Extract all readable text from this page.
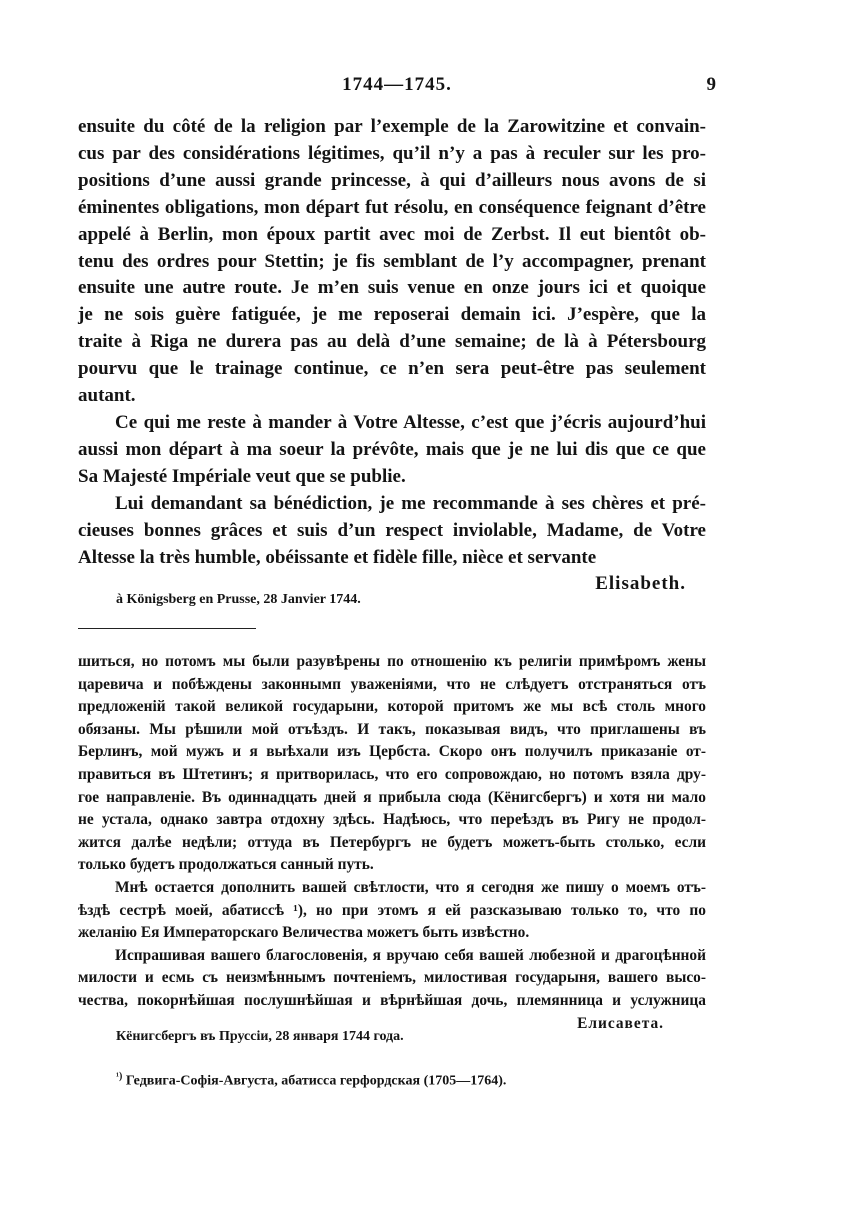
1744—1745.	9

ensuite du côté de la religion par l’exemple de la Zarowitzine et convain-
cus par des considérations légitimes, qu’il n’y a pas à reculer sur les pro-
positions d’une aussi grande princesse, à qui d’ailleurs nous avons de si
éminentes obligations, mon départ fut résolu, en conséquence feignant d’être
appelé à Berlin, mon époux partit avec moi de Zerbst. Il eut bientôt ob-
tenu des ordres pour Stettin; je fis semblant de l’y accompagner, prenant
ensuite une autre route. Je m’en suis venue en onze jours ici et quoique
je ne sois guère fatiguée, je me reposerai demain ici. J’espère, que la
traite à Riga ne durera pas au delà d’une semaine; de là à Pétersbourg
pourvu que le trainage continue, ce n’en sera peut-être pas seulement
autant.

Ce qui me reste à mander à Votre Altesse, c’est que j’écris aujourd’hui
aussi mon départ à ma soeur la prévôte, mais que je ne lui dis que ce que
Sa Majesté Impériale veut que se publie.

Lui demandant sa bénédiction, je me recommande à ses chères et pré-
cieuses bonnes grâces et suis d’un respect inviolable, Madame, de Votre
Altesse la très humble, obéissante et fidèle fille, nièce et servante

Elisabeth.
à Königsberg en Prusse, 28 Janvier 1744.
шиться, но потомъ мы были разувѣрены по отношенію къ религіи примѣромъ жены
царевича и побѣждены законнымп уваженіями, что не слѣдуетъ отстраняться отъ
предложеній такой великой государыни, которой притомъ же мы всѣ столь много
обязаны. Мы рѣшили мой отъѣздъ. И такъ, показывая видъ, что приглашены въ
Берлинъ, мой мужъ и я выѣхали изъ Цербста. Скоро онъ получилъ приказаніе от-
правиться въ Штетинъ; я притворилась, что его сопровождаю, но потомъ взяла дру-
гое направленіе. Въ одиннадцать дней я прибыла сюда (Кёнигсбергъ) и хотя ни мало
не устала, однако завтра отдохну здѣсь. Надѣюсь, что переѣздъ въ Ригу не продол-
жится далѣе недѣли; оттуда въ Петербургъ не будетъ можетъ-быть столько, если
только будетъ продолжаться санный путь.
Мнѣ остается дополнить вашей свѣтлости, что я сегодня же пишу о моемъ отъ-
ѣздѣ сестрѣ моей, абатиссѣ ¹), но при этомъ я ей разсказываю только то, что по
желанію Ея Императорскаго Величества можетъ быть извѣстно.
Испрашивая вашего благословенія, я вручаю себя вашей любезной и драгоцѣнной
милости и есмь съ неизмѣннымъ почтеніемъ, милостивая государыня, вашего высо-
чества, покорнѣйшая послушнѣйшая и вѣрнѣйшая дочь, племянница и услужница
Елисавета.
Кёнигсбергъ въ Пруссіи, 28 января 1744 года.
$^{^1)}$ Гедвига-Софія-Августа, абатисса герфордская (1705—1764).
